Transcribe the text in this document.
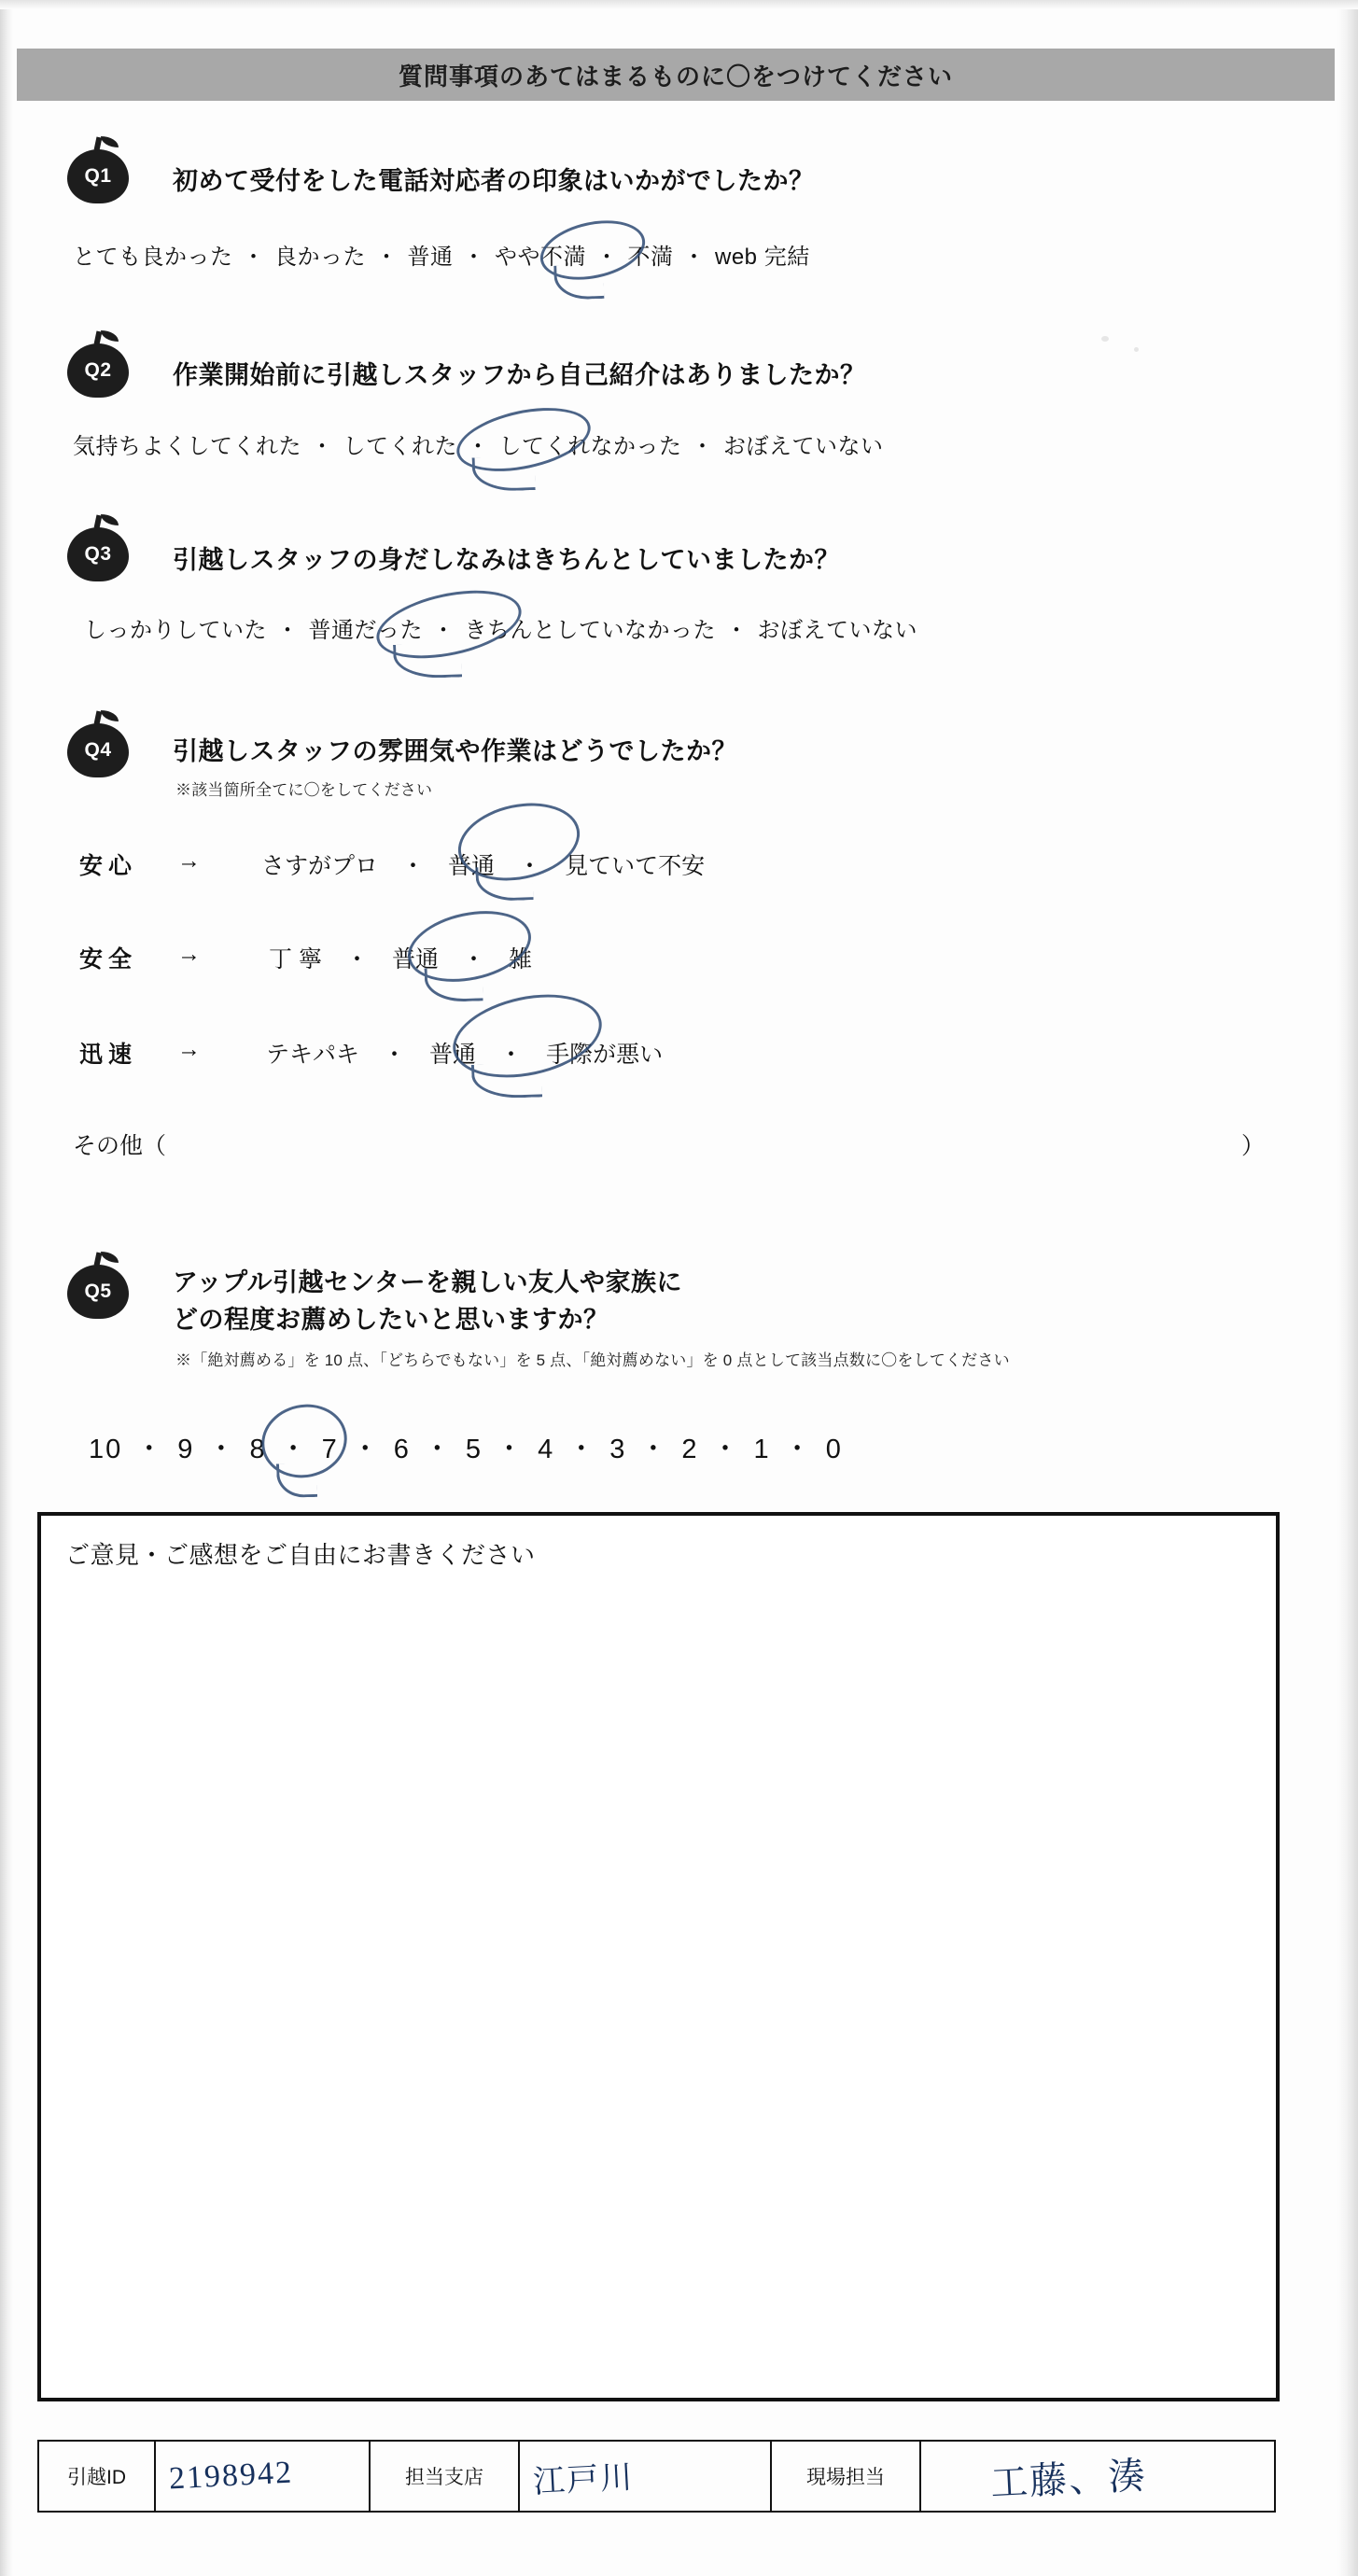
質問事項のあてはまるものに〇をつけてください
Q1 初めて受付をした電話対応者の印象はいかがでしたか？
とても良かった ・ 良かった ・ 普通 ・ やや不満 ・ 不満 ・ web 完結
Q2 作業開始前に引越しスタッフから自己紹介はありましたか？
気持ちよくしてくれた ・ してくれた ・ してくれなかった ・ おぼえていない
Q3 引越しスタッフの身だしなみはきちんとしていましたか？
しっかりしていた ・ 普通だった ・ きちんとしていなかった ・ おぼえていない
Q4 引越しスタッフの雰囲気や作業はどうでしたか？
※該当箇所全てに〇をしてください
安心 →	さすがプロ　・　普通　・　見ていて不安
安全 →	丁 寧　・　普通　・　雑
迅速 →	テキパキ　・　普通　・　手際が悪い
その他（	）
Q5 アップル引越センターを親しい友人や家族に
どの程度お薦めしたいと思いますか？
※「絶対薦める」を 10 点、「どちらでもない」を 5 点、「絶対薦めない」を 0 点として該当点数に〇をしてください
10 ・ 9 ・ 8 ・ 7 ・ 6 ・ 5 ・ 4 ・ 3 ・ 2 ・ 1 ・ 0
ご意見・ご感想をご自由にお書きください
引越ID	2198942	担当支店	江戸川	現場担当	工藤、湊
